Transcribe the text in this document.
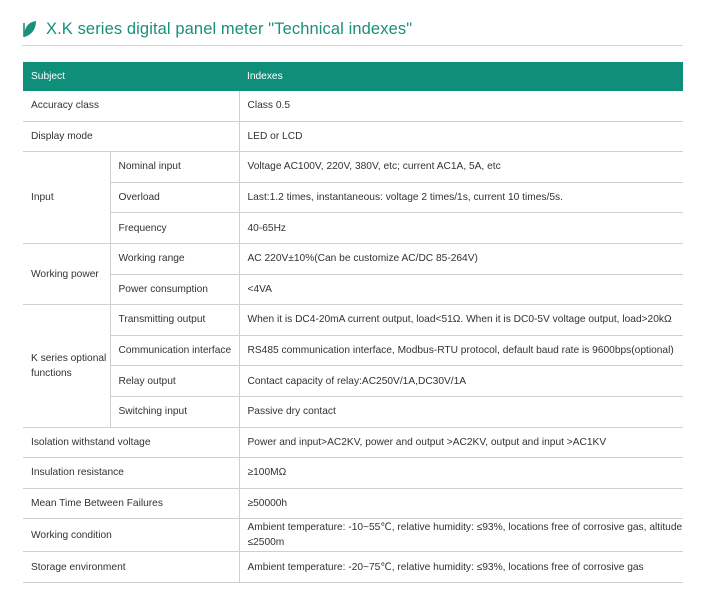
X.K series digital panel meter "Technical indexes"
Subject		Indexes
Accuracy class		Class 0.5
Display mode		LED or LCD
Input	Nominal input	Voltage AC100V, 220V, 380V, etc; current AC1A, 5A, etc
	Overload	Last:1.2 times, instantaneous: voltage 2 times/1s, current 10 times/5s.
	Frequency	40-65Hz
Working power	Working range	AC 220V±10%(Can be customize AC/DC 85-264V)
	Power consumption	<4VA
K series optional functions	Transmitting output	When it is DC4-20mA current output, load<51Ω. When it is DC0-5V voltage output, load>20kΩ
	Communication interface	RS485 communication interface, Modbus-RTU protocol, default baud rate is 9600bps(optional)
	Relay output	Contact capacity of relay:AC250V/1A,DC30V/1A
	Switching input	Passive dry contact
Isolation withstand voltage		Power and input>AC2KV, power and output >AC2KV, output and input >AC1KV
Insulation resistance		≥100MΩ
Mean Time Between Failures		≥50000h
Working condition		Ambient temperature: -10~55℃, relative humidity: ≤93%, locations free of corrosive gas, altitude ≤2500m
Storage environment		Ambient temperature: -20~75℃, relative humidity: ≤93%, locations free of corrosive gas
